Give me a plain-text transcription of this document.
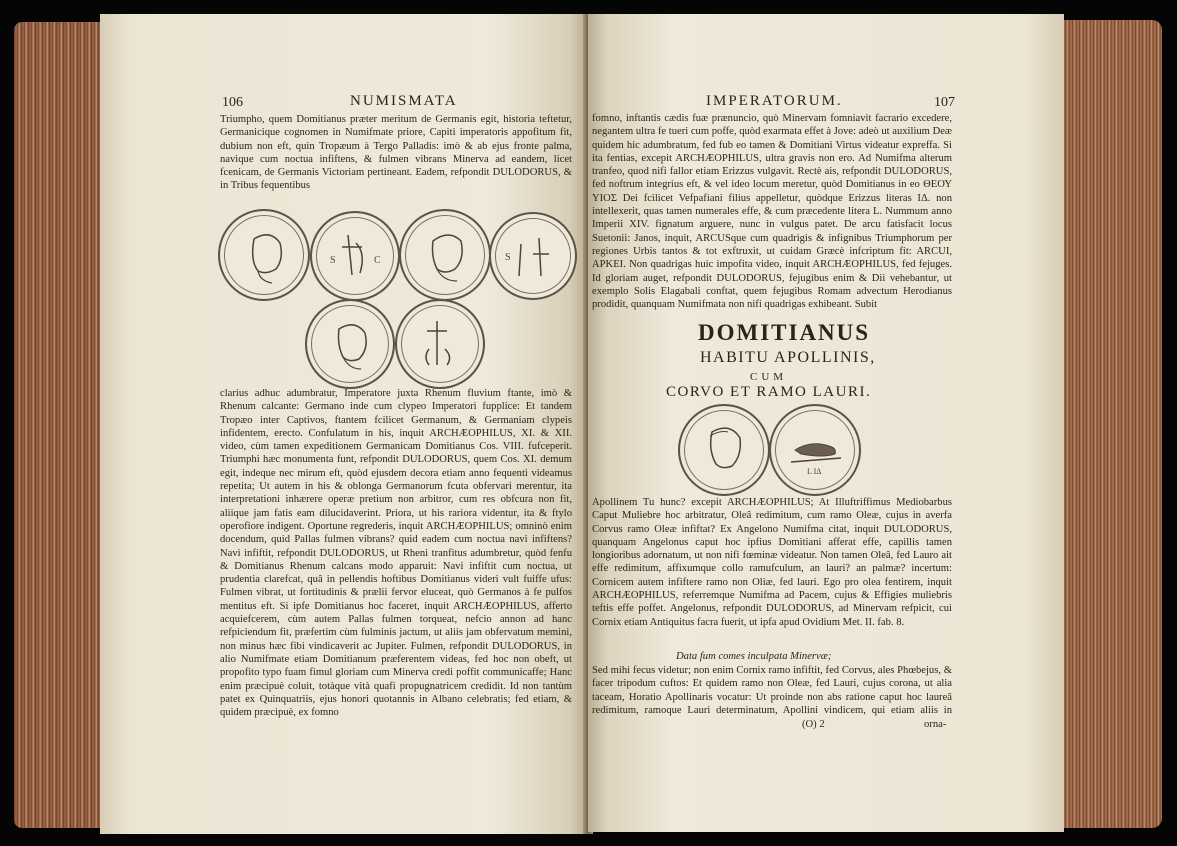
106	NUMISMATA
Triumpho, quem Domitianus præter meritum de Germanis egit, historia teftetur, Germanicique cognomen in Numifmate priore, Capiti imperatoris appofitum fit, dubium non eft, quin Tropæum à Tergo Palladis: imò & ab ejus fronte palma, navique cum noctua infiftens, & fulmen vibrans Minerva ad eandem, licet fcenicam, de Germanis Victoriam pertineant. Eadem, refpondit DULODORUS, & in Tribus fequentibus
S	C	S
clarius adhuc adumbratur, Imperatore juxta Rhenum fluvium ftante, imò & Rhenum calcante: Germano inde cum clypeo Imperatori fupplice: Et tandem Tropæo inter Captivos, ftantem fcilicet Germanum, & Germaniam clypeis infidentem, erecto. Confulatum in his, inquit ARCHÆOPHILUS, XI. & XII. video, cùm tamen expeditionem Germanicam Domitianus Cos. VIII. fufceperit. Triumphi hæc monumenta funt, refpondit DULODORUS, quem Cos. XI. demum egit, indeque nec mirum eft, quòd ejusdem decora etiam anno fequenti videamus repetita; Ut autem in his & oblonga Germanorum fcuta obfervari merentur, ita interpretationi inhærere operæ pretium non arbitror, cum res obfcura non fit, aliique jam fatis eam dilucidaverint. Priora, ut his rariora videntur, ita & ftylo operofiore indigent. Oportune regrederis, inquit ARCHÆOPHILUS; omninò enim docendum, quid Pallas fulmen vibrans? quid eadem cum noctua navi infiftens? Navi infiftit, refpondit DULODORUS, ut Rheni tranfitus adumbretur, quòd fenfu & Domitianus Rhenum calcans modo apparuit: Navi infiftit cum noctua, ut prudentia clarefcat, quâ in pellendis hoftibus Domitianus videri vult fuiffe ufus: Fulmen vibrat, ut fortitudinis & prælii fervor eluceat, quò Germanos à fe pulfos mentitus eft. Si ipfe Domitianus hoc faceret, inquit ARCHÆOPHILUS, afferto acquiefcerem, cùm autem Pallas fulmen torqueat, nefcio annon ad hanc refpiciendum fit, præfertim cùm fulminis jactum, ut aliis jam obfervatum memini, non minus hæc fibi vindicaverit ac Jupiter. Fulmen, refpondit DULODORUS, in alio Numifmate etiam Domitianum præferentem videas, fed hoc non obeft, ut propofito typo fuam fimul gloriam cum Minerva credi poffit communicaffe; Hanc enim præcipuè coluit, totàque vità quafi propugnatricem credidit. Id non tantùm patet ex Quinquatriis, ejus honori quotannis in Albano celebratis; fed etiam, & quidem præcipuè, ex fomno
IMPERATORUM.	107
fomno, inftantis cædis fuæ prænuncio, quò Minervam fomniavit facrario excedere, negantem ultra fe tueri cum poffe, quòd exarmata effet à Jove: adeò ut auxilium Deæ quidem hic adumbratum, fed fub eo tamen & Domitiani Virtus videatur expreffa. Si ita fentias, excepit ARCHÆOPHILUS, ultra gravis non ero. Ad Numifma alterum tranfeo, quod nifi fallor etiam Erizzus vulgavit. Rectè ais, refpondit DULODORUS, fed noftrum integrius eft, & vel ideo locum meretur, quòd Domitianus in eo ΘΕΟΥ ΥΙΟΣ Dei fcilicet Vefpafiani filius appelletur, quòdque Erizzus literas ΙΔ. non intellexerit, quas tamen numerales effe, & cum præcedente litera L. Nummum anno Imperii XIV. fignatum arguere, nunc in vulgus patet. De arcu fatisfacit locus Suetonii: Janos, inquit, ARCUSque cum quadrigis & infignibus Triumphorum per regiones Urbis tantos & tot exftruxit, ut cuidam Græcè infcriptum fit: ARCUI, ΑΡΚΕΙ. Non quadrigas huic impofita video, inquit ARCHÆOPHILUS, fed fejuges. Id gloriam auget, refpondit DULODORUS, fejugibus enim & Dii vehebantur, ut exemplo Solis Elagabali conftat, quem fejugibus Romam advectum Herodianus prodidit, quanquam Numifmata non nifi quadrigas exhibeant. Subit
DOMITIANUS
HABITU APOLLINIS,
CUM
CORVO ET RAMO LAURI.
L IΔ
Apollinem Tu hunc? excepit ARCHÆOPHILUS; At Illuftriffimus Mediobarbus Caput Muliebre hoc arbitratur, Oleâ redimitum, cum ramo Oleæ, cujus in averfa Corvus ramo Oleæ infiftat? Ex Angelono Numifma citat, inquit DULODORUS, quanquam Angelonus caput hoc ipfius Domitiani afferat effe, capillis tamen longioribus adornatum, ut non nifi fœminæ videatur. Non tamen Oleâ, fed Lauro ait effe redimitum, affixumque collo ramufculum, an lauri? an palmæ? incertum: Cornicem autem infiftere ramo non Oliæ, fed lauri. Ego pro olea fentirem, inquit ARCHÆOPHILUS, referremque Numifma ad Pacem, cujus & Effigies muliebris teftis effe poffet. Angelonus, refpondit DULODORUS, ad Minervam refpicit, cui Cornix etiam Antiquitus facra fuerit, ut ipfa apud Ovidium Met. II. fab. 8.
Data fum comes inculpata Minervæ;
Sed mihi fecus videtur; non enim Cornix ramo infiftit, fed Corvus, ales Phœbejus, & facer tripodum cuftos: Et quidem ramo non Oleæ, fed Lauri, cujus corona, ut alia taceam, Horatio Apollinaris vocatur: Ut proinde non abs ratione caput hoc laureâ redimitum, ramoque Lauri determinatum, Apollini vindicem, qui etiam aliis in
(O) 2	orna-
